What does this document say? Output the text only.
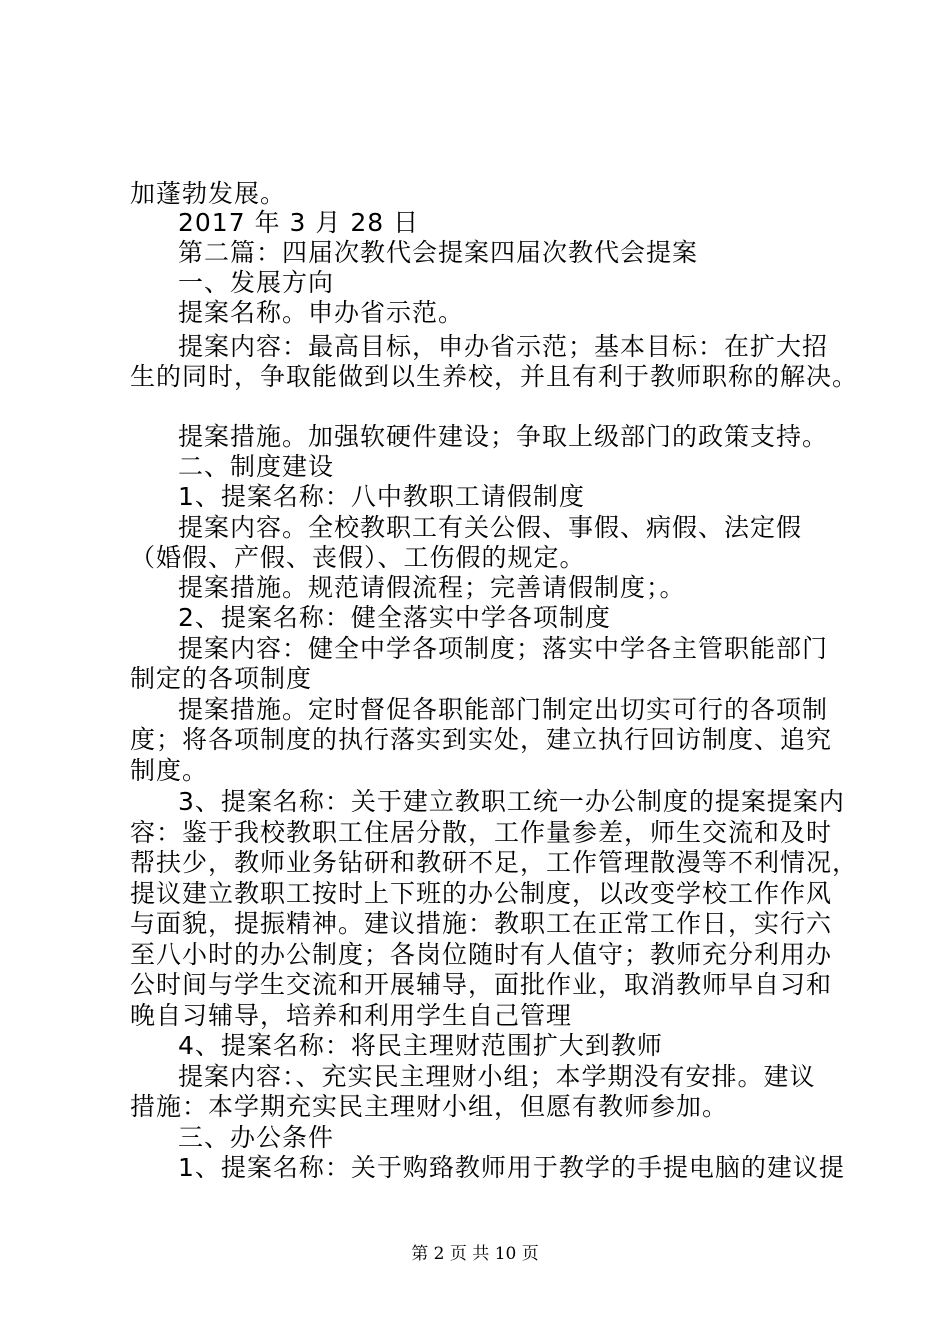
加蓬勃发展。
2017 年 3 月 28 日
第二篇：四届次教代会提案四届次教代会提案
一、发展方向
提案名称。申办省示范。
提案内容：最高目标，申办省示范；基本目标：在扩大招
生的同时，争取能做到以生养校，并且有利于教师职称的解决。
提案措施。加强软硬件建设；争取上级部门的政策支持。
二、制度建设
1、提案名称：八中教职工请假制度
提案内容。全校教职工有关公假、事假、病假、法定假
（婚假、产假、丧假）、工伤假的规定。
提案措施。规范请假流程；完善请假制度；。
2、提案名称：健全落实中学各项制度
提案内容：健全中学各项制度；落实中学各主管职能部门
制定的各项制度
提案措施。定时督促各职能部门制定出切实可行的各项制
度；将各项制度的执行落实到实处，建立执行回访制度、追究
制度。
3、提案名称：关于建立教职工统一办公制度的提案提案内
容：鉴于我校教职工住居分散，工作量参差，师生交流和及时
帮扶少，教师业务钻研和教研不足，工作管理散漫等不利情况，
提议建立教职工按时上下班的办公制度，以改变学校工作作风
与面貌，提振精神。建议措施：教职工在正常工作日，实行六
至八小时的办公制度；各岗位随时有人值守；教师充分利用办
公时间与学生交流和开展辅导，面批作业，取消教师早自习和
晚自习辅导，培养和利用学生自己管理
4、提案名称：将民主理财范围扩大到教师
提案内容：、充实民主理财小组；本学期没有安排。建议
措施：本学期充实民主理财小组，但愿有教师参加。
三、办公条件
1、提案名称：关于购臵教师用于教学的手提电脑的建议提
第 2 页 共 10 页
